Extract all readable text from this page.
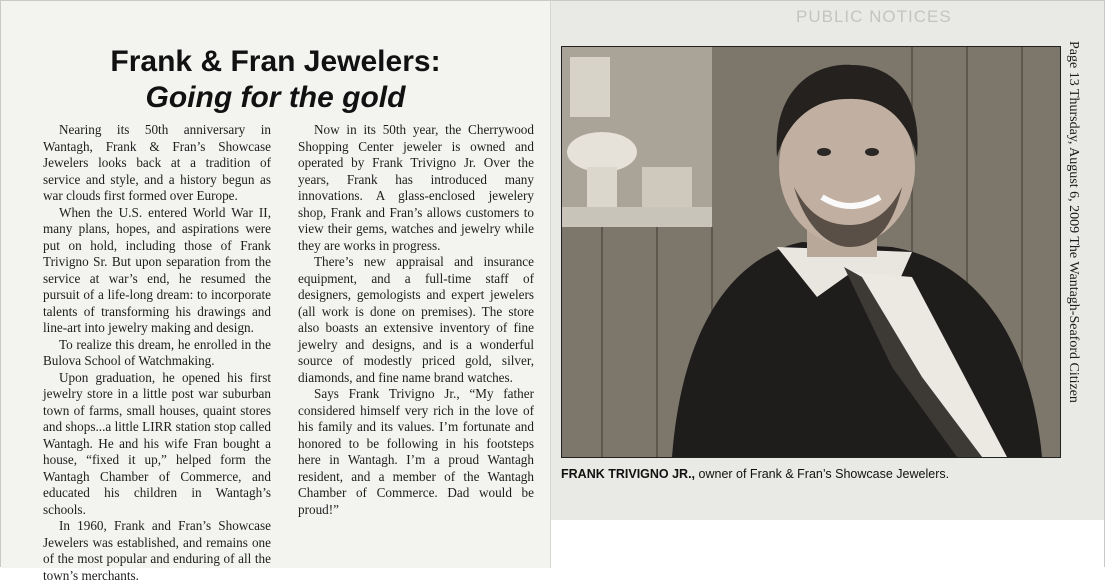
Frank & Fran Jewelers:
Going for the gold

Nearing its 50th anniversary in Wantagh, Frank & Fran’s Showcase Jewelers looks back at a tradition of service and style, and a history begun as war clouds first formed over Europe.

When the U.S. entered World War II, many plans, hopes, and aspirations were put on hold, including those of Frank Trivigno Sr. But upon separation from the service at war’s end, he resumed the pursuit of a life-long dream: to incorporate talents of transforming his drawings and line-art into jewelry making and design.

To realize this dream, he enrolled in the Bulova School of Watchmaking.

Upon graduation, he opened his first jewelry store in a little post war suburban town of farms, small houses, quaint stores and shops...a little LIRR station stop called Wantagh. He and his wife Fran bought a house, “fixed it up,” helped form the Wantagh Chamber of Commerce, and educated his children in Wantagh’s schools.

In 1960, Frank and Fran’s Showcase Jewelers was established, and remains one of the most popular and enduring of all the town’s merchants.

Now in its 50th year, the Cherrywood Shopping Center jeweler is owned and operated by Frank Trivigno Jr. Over the years, Frank has introduced many innovations. A glass-enclosed jewelery shop, Frank and Fran’s allows customers to view their gems, watches and jewelry while they are works in progress.

There’s new appraisal and insurance equipment, and a full-time staff of designers, gemologists and expert jewelers (all work is done on premises). The store also boasts an extensive inventory of fine jewelry and designs, and is a wonderful source of modestly priced gold, silver, diamonds, and fine name brand watches.

Says Frank Trivigno Jr., “My father considered himself very rich in the love of his family and its values. I’m fortunate and honored to be following in his footsteps here in Wantagh. I’m a proud Wantagh resident, and a member of the Wantagh Chamber of Commerce. Dad would be proud!”

PUBLIC NOTICES
FRANK TRIVIGNO JR., owner of Frank & Fran’s Showcase Jewelers.
Page 13 Thursday, August 6, 2009 The Wantagh-Seaford Citizen
